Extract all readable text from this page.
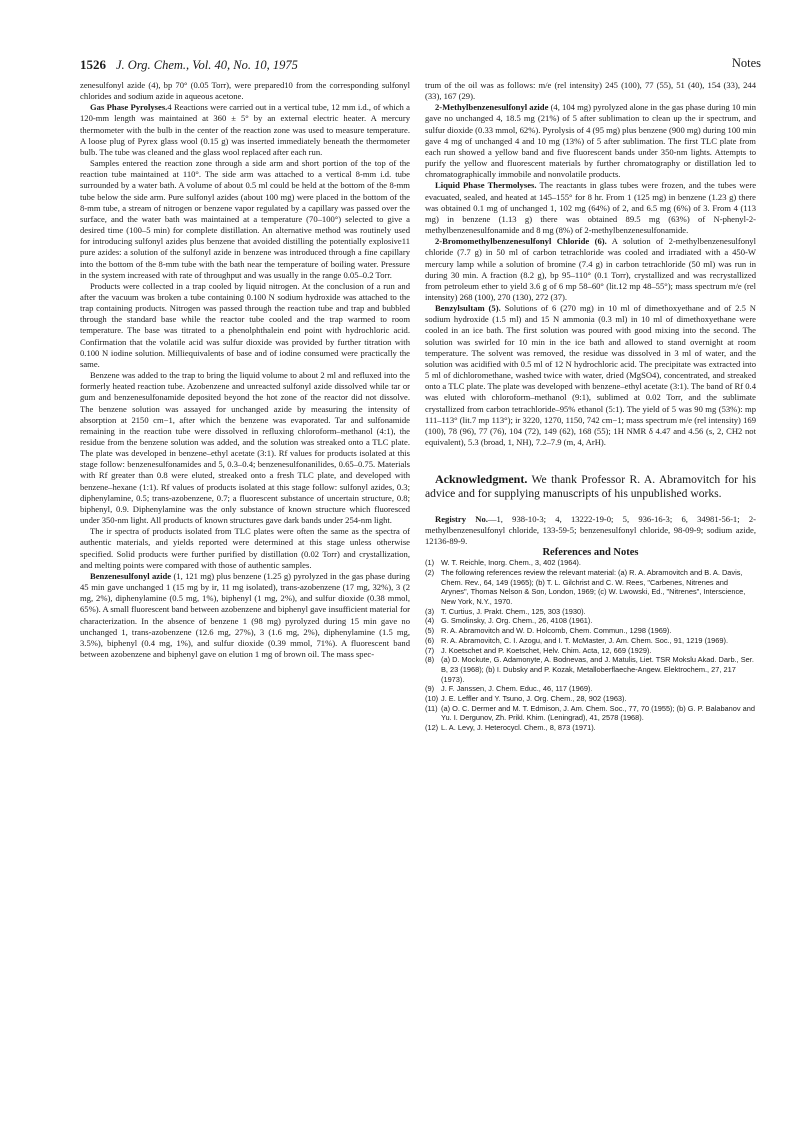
1526 J. Org. Chem., Vol. 40, No. 10, 1975	Notes

zenesulfonyl azide (4), bp 70° (0.05 Torr), were prepared10 from the corresponding sulfonyl chlorides and sodium azide in aqueous acetone.

Gas Phase Pyrolyses.4 Reactions were carried out in a vertical tube, 12 mm i.d., of which a 120-mm length was maintained at 360 ± 5° by an external electric heater. A mercury thermometer with the bulb in the center of the reaction zone was used to measure temperature. A loose plug of Pyrex glass wool (0.15 g) was inserted immediately beneath the thermometer bulb. The tube was cleaned and the glass wool replaced after each run.

Samples entered the reaction zone through a side arm and short portion of the top of the reaction tube maintained at 110°. The side arm was attached to a vertical 8-mm i.d. tube surrounded by a water bath. A volume of about 0.5 ml could be held at the bottom of the 8-mm tube below the side arm. Pure sulfonyl azides (about 100 mg) were placed in the bottom of the 8-mm tube, a stream of nitrogen or benzene vapor regulated by a capillary was passed over the surface, and the water bath was maintained at a temperature (70–100°) selected to give a desired time (100–5 min) for complete distillation. An alternative method was routinely used for introducing sulfonyl azides plus benzene that avoided distilling the potentially explosive11 pure azides: a solution of the sulfonyl azide in benzene was introduced through a fine capillary into the bottom of the 8-mm tube with the bath near the temperature of boiling water. Pressure in the system increased with rate of throughput and was usually in the range 0.05–0.2 Torr.

Products were collected in a trap cooled by liquid nitrogen. At the conclusion of a run and after the vacuum was broken a tube containing 0.100 N sodium hydroxide was attached to the trap containing products. Nitrogen was passed through the reaction tube and trap and bubbled through the standard base while the reactor tube cooled and the trap warmed to room temperature. The base was titrated to a phenolphthalein end point with hydrochloric acid. Confirmation that the volatile acid was sulfur dioxide was provided by further titration with 0.100 N iodine solution. Milliequivalents of base and of iodine consumed were practically the same.

Benzene was added to the trap to bring the liquid volume to about 2 ml and refluxed into the formerly heated reaction tube. Azobenzene and unreacted sulfonyl azide dissolved while tar or gum and benzenesulfonamide deposited beyond the hot zone of the reactor did not dissolve. The benzene solution was assayed for unchanged azide by measuring the intensity of absorption at 2150 cm−1, after which the benzene was evaporated. Tar and sulfonamide remaining in the reaction tube were dissolved in refluxing chloroform–methanol (4:1), the residue from the benzene solution was added, and the solution was streaked onto a TLC plate. The plate was developed in benzene–ethyl acetate (3:1). Rf values for products isolated at this stage follow: benzenesulfonamides and 5, 0.3–0.4; benzenesulfonanilides, 0.65–0.75. Materials with Rf greater than 0.8 were eluted, streaked onto a fresh TLC plate, and developed with benzene–hexane (1:1). Rf values of products isolated at this stage follow: sulfonyl azides, 0.3; diphenylamine, 0.5; trans-azobenzene, 0.7; a fluorescent substance of uncertain structure, 0.8; biphenyl, 0.9. Diphenylamine was the only substance of known structure which fluoresced under 350-nm light. All products of known structures gave dark bands under 254-nm light.

The ir spectra of products isolated from TLC plates were often the same as the spectra of authentic materials, and yields reported were determined at this stage unless otherwise specified. Solid products were further purified by distillation (0.02 Torr) and crystallization, and melting points were compared with those of authentic samples.

Benzenesulfonyl azide (1, 121 mg) plus benzene (1.25 g) pyrolyzed in the gas phase during 45 min gave unchanged 1 (15 mg by ir, 11 mg isolated), trans-azobenzene (17 mg, 32%), 3 (2 mg, 2%), diphenylamine (0.5 mg, 1%), biphenyl (1 mg, 2%), and sulfur dioxide (0.38 mmol, 65%). A small fluorescent band between azobenzene and biphenyl gave insufficient material for characterization. In the absence of benzene 1 (98 mg) pyrolyzed during 15 min gave no unchanged 1, trans-azobenzene (12.6 mg, 27%), 3 (1.6 mg, 2%), diphenylamine (1.5 mg, 3.5%), biphenyl (0.4 mg, 1%), and sulfur dioxide (0.39 mmol, 71%). A fluorescent band between azobenzene and biphenyl gave on elution 1 mg of brown oil. The mass spec-

trum of the oil was as follows: m/e (rel intensity) 245 (100), 77 (55), 51 (40), 154 (33), 244 (33), 167 (29).

2-Methylbenzenesulfonyl azide (4, 104 mg) pyrolyzed alone in the gas phase during 10 min gave no unchanged 4, 18.5 mg (21%) of 5 after sublimation to clean up the ir spectrum, and sulfur dioxide (0.33 mmol, 62%). Pyrolysis of 4 (95 mg) plus benzene (900 mg) during 100 min gave 4 mg of unchanged 4 and 10 mg (13%) of 5 after sublimation. The first TLC plate from each run showed a yellow band and five fluorescent bands under 350-nm lights. Attempts to purify the yellow and fluorescent materials by further chromatography or distillation led to chromatographically immobile and nonvolatile products.

Liquid Phase Thermolyses. The reactants in glass tubes were frozen, and the tubes were evacuated, sealed, and heated at 145–155° for 8 hr. From 1 (125 mg) in benzene (1.23 g) there was obtained 0.1 mg of unchanged 1, 102 mg (64%) of 2, and 6.5 mg (6%) of 3. From 4 (113 mg) in benzene (1.13 g) there was obtained 89.5 mg (63%) of N-phenyl-2-methylbenzenesulfonamide and 8 mg (8%) of 2-methylbenzenesulfonamide.

2-Bromomethylbenzenesulfonyl Chloride (6). A solution of 2-methylbenzenesulfonyl chloride (7.7 g) in 50 ml of carbon tetrachloride was cooled and irradiated with a 450-W mercury lamp while a solution of bromine (7.4 g) in carbon tetrachloride (50 ml) was run in during 30 min. A fraction (8.2 g), bp 95–110° (0.1 Torr), crystallized and was recrystallized from petroleum ether to yield 3.6 g of 6 mp 58–60° (lit.12 mp 48–55°); mass spectrum m/e (rel intensity) 268 (100), 270 (130), 272 (37).

Benzylsultam (5). Solutions of 6 (270 mg) in 10 ml of dimethoxyethane and of 2.5 N sodium hydroxide (1.5 ml) and 15 N ammonia (0.3 ml) in 10 ml of dimethoxyethane were cooled in an ice bath. The first solution was poured with good mixing into the second. The solution was swirled for 10 min in the ice bath and allowed to stand overnight at room temperature. The solvent was removed, the residue was dissolved in 3 ml of water, and the solution was acidified with 0.5 ml of 12 N hydrochloric acid. The precipitate was extracted into 5 ml of dichloromethane, washed twice with water, dried (MgSO4), concentrated, and streaked onto a TLC plate. The plate was developed with benzene–ethyl acetate (3:1). The band of Rf 0.4 was eluted with chloroform–methanol (9:1), sublimed at 0.02 Torr, and the sublimate crystallized from carbon tetrachloride–95% ethanol (5:1). The yield of 5 was 90 mg (53%): mp 111–113° (lit.7 mp 113°); ir 3220, 1270, 1150, 742 cm−1; mass spectrum m/e (rel intensity) 169 (100), 78 (96), 77 (76), 104 (72), 149 (62), 168 (55); 1H NMR δ 4.47 and 4.56 (s, 2, CH2 not equivalent), 5.3 (broad, 1, NH), 7.2–7.9 (m, 4, ArH).

Acknowledgment. We thank Professor R. A. Abramovitch for his advice and for supplying manuscripts of his unpublished works.

Registry No.—1, 938-10-3; 4, 13222-19-0; 5, 936-16-3; 6, 34981-56-1; 2-methylbenzenesulfonyl chloride, 133-59-5; benzenesulfonyl chloride, 98-09-9; sodium azide, 12136-89-9.

References and Notes

(1) W. T. Reichle, Inorg. Chem., 3, 402 (1964).
(2) The following references review the relevant material: (a) R. A. Abramovitch and B. A. Davis, Chem. Rev., 64, 149 (1965); (b) T. L. Gilchrist and C. W. Rees, "Carbenes, Nitrenes and Arynes", Thomas Nelson & Son, London, 1969; (c) W. Lwowski, Ed., "Nitrenes", Interscience, New York, N.Y., 1970.
(3) T. Curtius, J. Prakt. Chem., 125, 303 (1930).
(4) G. Smolinsky, J. Org. Chem., 26, 4108 (1961).
(5) R. A. Abramovitch and W. D. Holcomb, Chem. Commun., 1298 (1969).
(6) R. A. Abramovitch, C. I. Azogu, and I. T. McMaster, J. Am. Chem. Soc., 91, 1219 (1969).
(7) J. Koetschet and P. Koetschet, Helv. Chim. Acta, 12, 669 (1929).
(8) (a) D. Mockute, G. Adamonyte, A. Bodnevas, and J. Matulis, Liet. TSR Mokslu Akad. Darb., Ser. B, 23 (1968); (b) I. Dubsky and P. Kozak, Metalloberflaeche-Angew. Elektrochem., 27, 217 (1973).
(9) J. F. Janssen, J. Chem. Educ., 46, 117 (1969).
(10) J. E. Leffler and Y. Tsuno, J. Org. Chem., 28, 902 (1963).
(11) (a) O. C. Dermer and M. T. Edmison, J. Am. Chem. Soc., 77, 70 (1955); (b) G. P. Balabanov and Yu. I. Dergunov, Zh. Prikl. Khim. (Leningrad), 41, 2578 (1968).
(12) L. A. Levy, J. Heterocycl. Chem., 8, 873 (1971).
